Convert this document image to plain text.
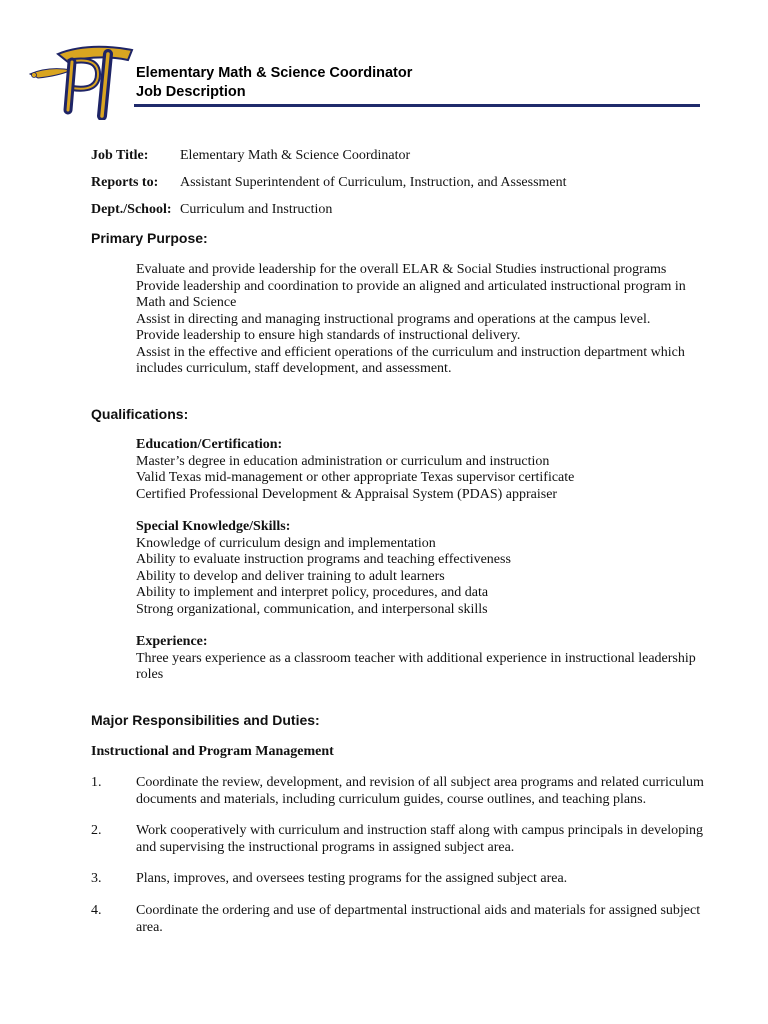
Elementary Math & Science Coordinator
Job Description
Job Title: Elementary Math & Science Coordinator
Reports to: Assistant Superintendent of Curriculum, Instruction, and Assessment
Dept./School: Curriculum and Instruction
Primary Purpose:
Evaluate and provide leadership for the overall ELAR & Social Studies instructional programs
Provide leadership and coordination to provide an aligned and articulated instructional program in
Math and Science
Assist in directing and managing instructional programs and operations at the campus level.
Provide leadership to ensure high standards of instructional delivery.
Assist in the effective and efficient operations of the curriculum and instruction department which
includes curriculum, staff development, and assessment.
Qualifications:
Education/Certification:
Master’s degree in education administration or curriculum and instruction
Valid Texas mid-management or other appropriate Texas supervisor certificate
Certified Professional Development & Appraisal System (PDAS) appraiser
Special Knowledge/Skills:
Knowledge of curriculum design and implementation
Ability to evaluate instruction programs and teaching effectiveness
Ability to develop and deliver training to adult learners
Ability to implement and interpret policy, procedures, and data
Strong organizational, communication, and interpersonal skills
Experience:
Three years experience as a classroom teacher with additional experience in instructional leadership
roles
Major Responsibilities and Duties:
Instructional and Program Management
1. Coordinate the review, development, and revision of all subject area programs and related curriculum
documents and materials, including curriculum guides, course outlines, and teaching plans.
2. Work cooperatively with curriculum and instruction staff along with campus principals in developing
and supervising the instructional programs in assigned subject area.
3. Plans, improves, and oversees testing programs for the assigned subject area.
4. Coordinate the ordering and use of departmental instructional aids and materials for assigned subject
area.
